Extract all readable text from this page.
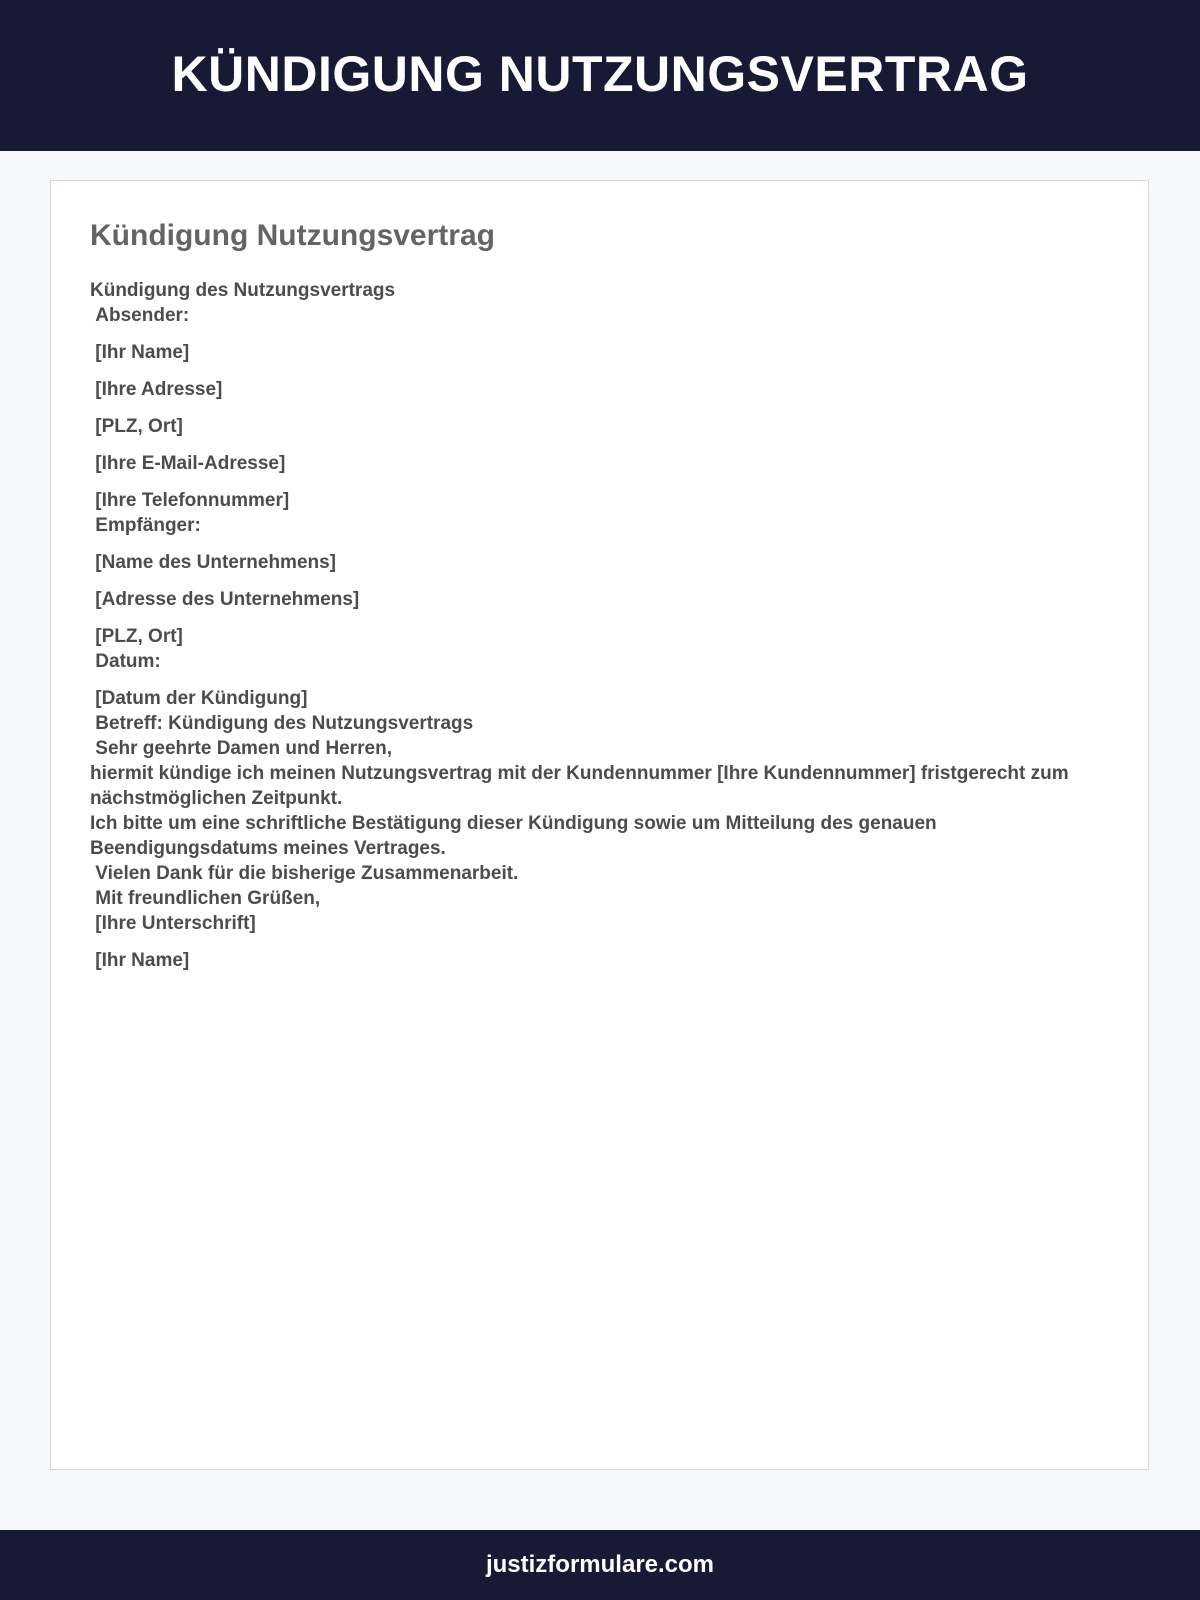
KÜNDIGUNG NUTZUNGSVERTRAG
Kündigung Nutzungsvertrag
Kündigung des Nutzungsvertrags
Absender:
[Ihr Name]
[Ihre Adresse]
[PLZ, Ort]
[Ihre E-Mail-Adresse]
[Ihre Telefonnummer]
Empfänger:
[Name des Unternehmens]
[Adresse des Unternehmens]
[PLZ, Ort]
Datum:
[Datum der Kündigung]
Betreff: Kündigung des Nutzungsvertrags
Sehr geehrte Damen und Herren,
hiermit kündige ich meinen Nutzungsvertrag mit der Kundennummer [Ihre Kundennummer] fristgerecht zum nächstmöglichen Zeitpunkt.
Ich bitte um eine schriftliche Bestätigung dieser Kündigung sowie um Mitteilung des genauen Beendigungsdatums meines Vertrages.
Vielen Dank für die bisherige Zusammenarbeit.
Mit freundlichen Grüßen,
[Ihre Unterschrift]
[Ihr Name]
justizformulare.com
